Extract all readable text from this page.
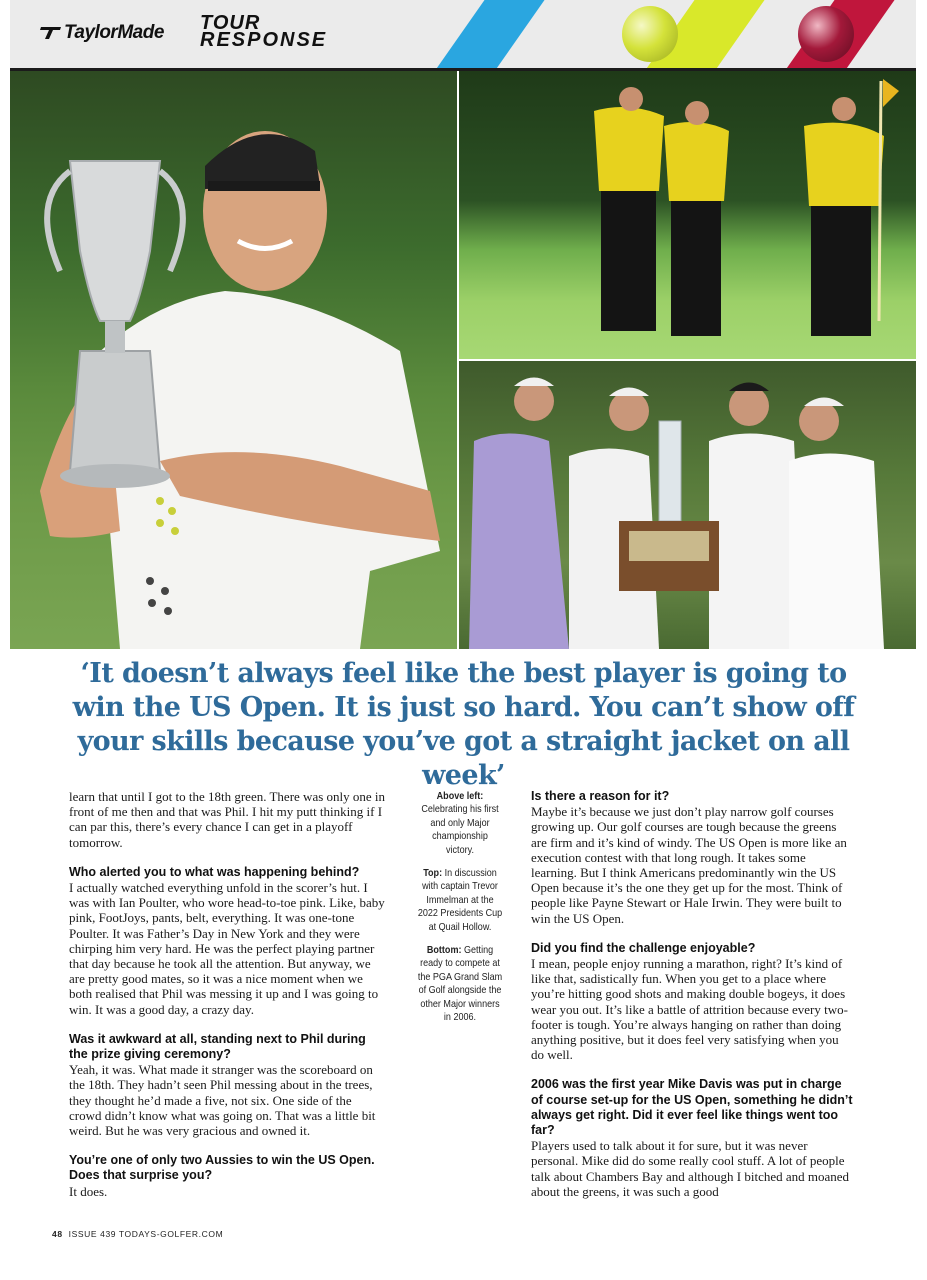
TaylorMade TOUR
RESPONSE
‘It doesn’t always feel like the best player is going to win the US Open. It is just so hard. You can’t show off your skills because you’ve got a straight jacket on all week’

learn that until I got to the 18th green. There was only one in front of me then and that was Phil. I hit my putt thinking if I can par this, there’s every chance I can get in a playoff tomorrow.

Who alerted you to what was happening behind?

I actually watched everything unfold in the scorer’s hut. I was with Ian Poulter, who wore head-to-toe pink. Like, baby pink, FootJoys, pants, belt, everything. It was one-tone Poulter. It was Father’s Day in New York and they were chirping him very hard. He was the perfect playing partner that day because he took all the attention. But anyway, we are pretty good mates, so it was a nice moment when we both realised that Phil was messing it up and I was going to win. It was a good day, a crazy day.

Was it awkward at all, standing next to Phil during the prize giving ceremony?

Yeah, it was. What made it stranger was the scoreboard on the 18th. They hadn’t seen Phil messing about in the trees, they thought he’d made a five, not six. One side of the crowd didn’t know what was going on. That was a little bit weird. But he was very gracious and owned it.

You’re one of only two Aussies to win the US Open. Does that surprise you?

It does.

Above left:
Celebrating his first and only Major championship victory.

Top: In discussion with captain Trevor Immelman at the 2022 Presidents Cup at Quail Hollow.

Bottom: Getting ready to compete at the PGA Grand Slam of Golf alongside the other Major winners in 2006.

Is there a reason for it?

Maybe it’s because we just don’t play narrow golf courses growing up. Our golf courses are tough because the greens are firm and it’s kind of windy. The US Open is more like an execution contest with that long rough. It takes some learning. But I think Americans predominantly win the US Open because it’s the one they get up for the most. Think of people like Payne Stewart or Hale Irwin. They were built to win the US Open.

Did you find the challenge enjoyable?

I mean, people enjoy running a marathon, right? It’s kind of like that, sadistically fun. When you get to a place where you’re hitting good shots and making double bogeys, it does wear you out. It’s like a battle of attrition because every two-footer is tough. You’re always hanging on rather than doing anything positive, but it does feel very satisfying when you do well.

2006 was the first year Mike Davis was put in charge of course set-up for the US Open, something he didn’t always get right. Did it ever feel like things went too far?

Players used to talk about it for sure, but it was never personal. Mike did do some really cool stuff. A lot of people talk about Chambers Bay and although I bitched and moaned about the greens, it was such a good

48 ISSUE 439 TODAYS-GOLFER.COM
